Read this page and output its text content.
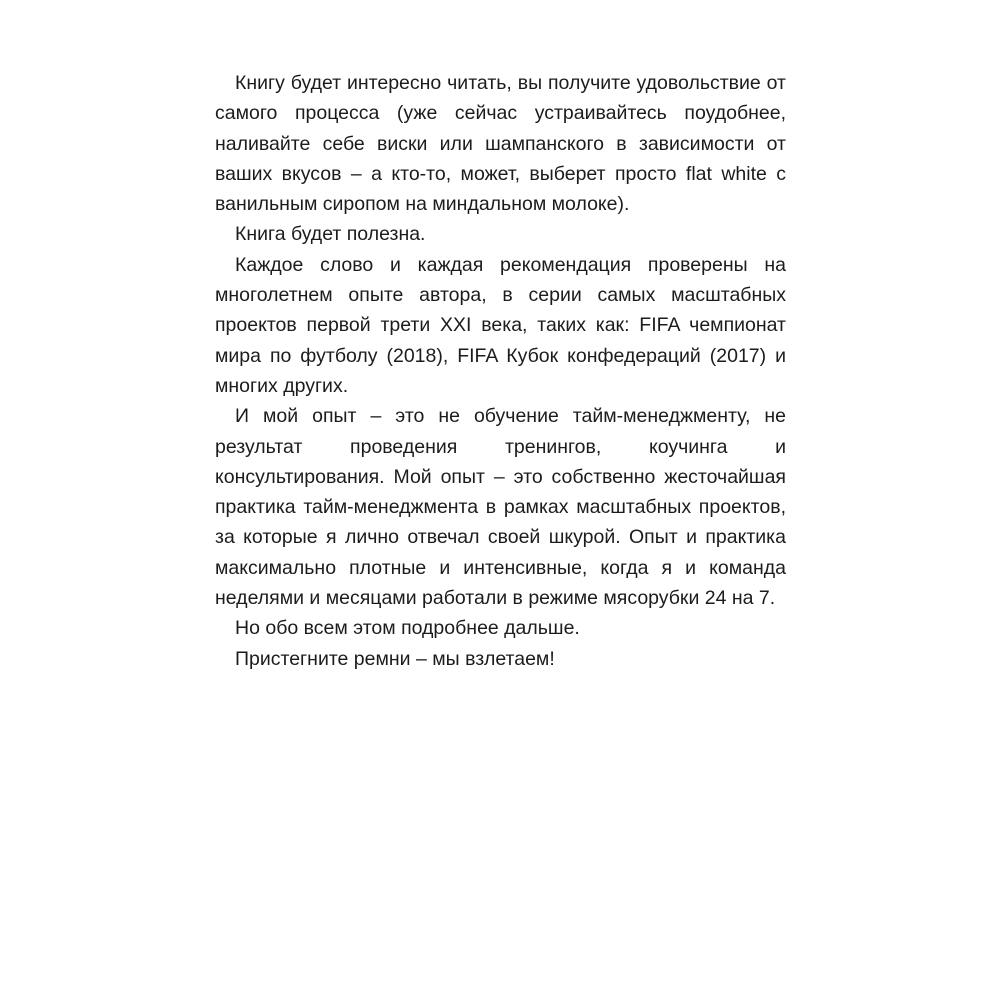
Книгу будет интересно читать, вы получите удовольствие от самого процесса (уже сейчас устраивайтесь поудобнее, наливайте себе виски или шампанского в зависимости от ваших вкусов – а кто-то, может, выберет просто flat white с ванильным сиропом на миндальном молоке).

Книга будет полезна.

Каждое слово и каждая рекомендация проверены на многолетнем опыте автора, в серии самых масштабных проектов первой трети XXI века, таких как: FIFA чемпионат мира по футболу (2018), FIFA Кубок конфедераций (2017) и многих других.

И мой опыт – это не обучение тайм-менеджменту, не результат проведения тренингов, коучинга и консультирования. Мой опыт – это собственно жесточайшая практика тайм-менеджмента в рамках масштабных проектов, за которые я лично отвечал своей шкурой. Опыт и практика максимально плотные и интенсивные, когда я и команда неделями и месяцами работали в режиме мясорубки 24 на 7.

Но обо всем этом подробнее дальше.

Пристегните ремни – мы взлетаем!
